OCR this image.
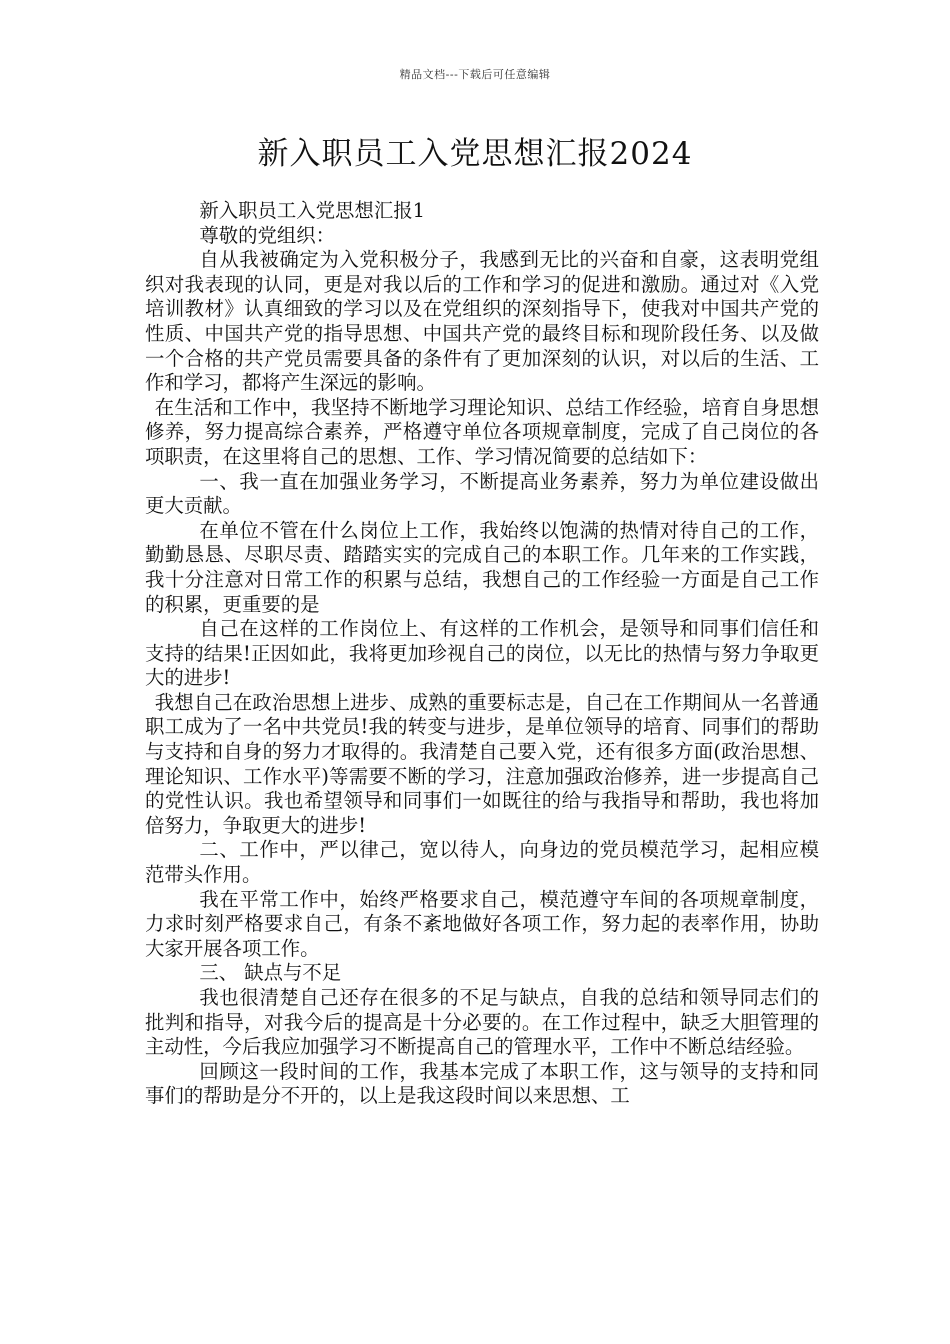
精品文档---下载后可任意编辑
新入职员工入党思想汇报2024

新入职员工入党思想汇报1

尊敬的党组织：

自从我被确定为入党积极分子，我感到无比的兴奋和自豪，这表明党组织对我表现的认同，更是对我以后的工作和学习的促进和激励。通过对《入党培训教材》认真细致的学习以及在党组织的深刻指导下，使我对中国共产党的性质、中国共产党的指导思想、中国共产党的最终目标和现阶段任务、以及做一个合格的共产党员需要具备的条件有了更加深刻的认识，对以后的生活、工作和学习，都将产生深远的影响。

在生活和工作中，我坚持不断地学习理论知识、总结工作经验，培育自身思想修养，努力提高综合素养，严格遵守单位各项规章制度，完成了自己岗位的各项职责，在这里将自己的思想、工作、学习情况简要的总结如下：

一、我一直在加强业务学习，不断提高业务素养，努力为单位建设做出更大贡献。

在单位不管在什么岗位上工作，我始终以饱满的热情对待自己的工作，勤勤恳恳、尽职尽责、踏踏实实的完成自己的本职工作。几年来的工作实践，我十分注意对日常工作的积累与总结，我想自己的工作经验一方面是自己工作的积累，更重要的是

自己在这样的工作岗位上、有这样的工作机会，是领导和同事们信任和支持的结果!正因如此，我将更加珍视自己的岗位，以无比的热情与努力争取更大的进步!

我想自己在政治思想上进步、成熟的重要标志是，自己在工作期间从一名普通职工成为了一名中共党员!我的转变与进步，是单位领导的培育、同事们的帮助与支持和自身的努力才取得的。我清楚自己要入党，还有很多方面(政治思想、理论知识、工作水平)等需要不断的学习，注意加强政治修养，进一步提高自己的党性认识。我也希望领导和同事们一如既往的给与我指导和帮助，我也将加倍努力，争取更大的进步!

二、工作中，严以律己，宽以待人，向身边的党员模范学习，起相应模范带头作用。

我在平常工作中，始终严格要求自己，模范遵守车间的各项规章制度，力求时刻严格要求自己，有条不紊地做好各项工作，努力起的表率作用，协助大家开展各项工作。

三、 缺点与不足

我也很清楚自己还存在很多的不足与缺点，自我的总结和领导同志们的批判和指导，对我今后的提高是十分必要的。在工作过程中，缺乏大胆管理的主动性，今后我应加强学习不断提高自己的管理水平，工作中不断总结经验。

回顾这一段时间的工作，我基本完成了本职工作，这与领导的支持和同事们的帮助是分不开的，以上是我这段时间以来思想、工
